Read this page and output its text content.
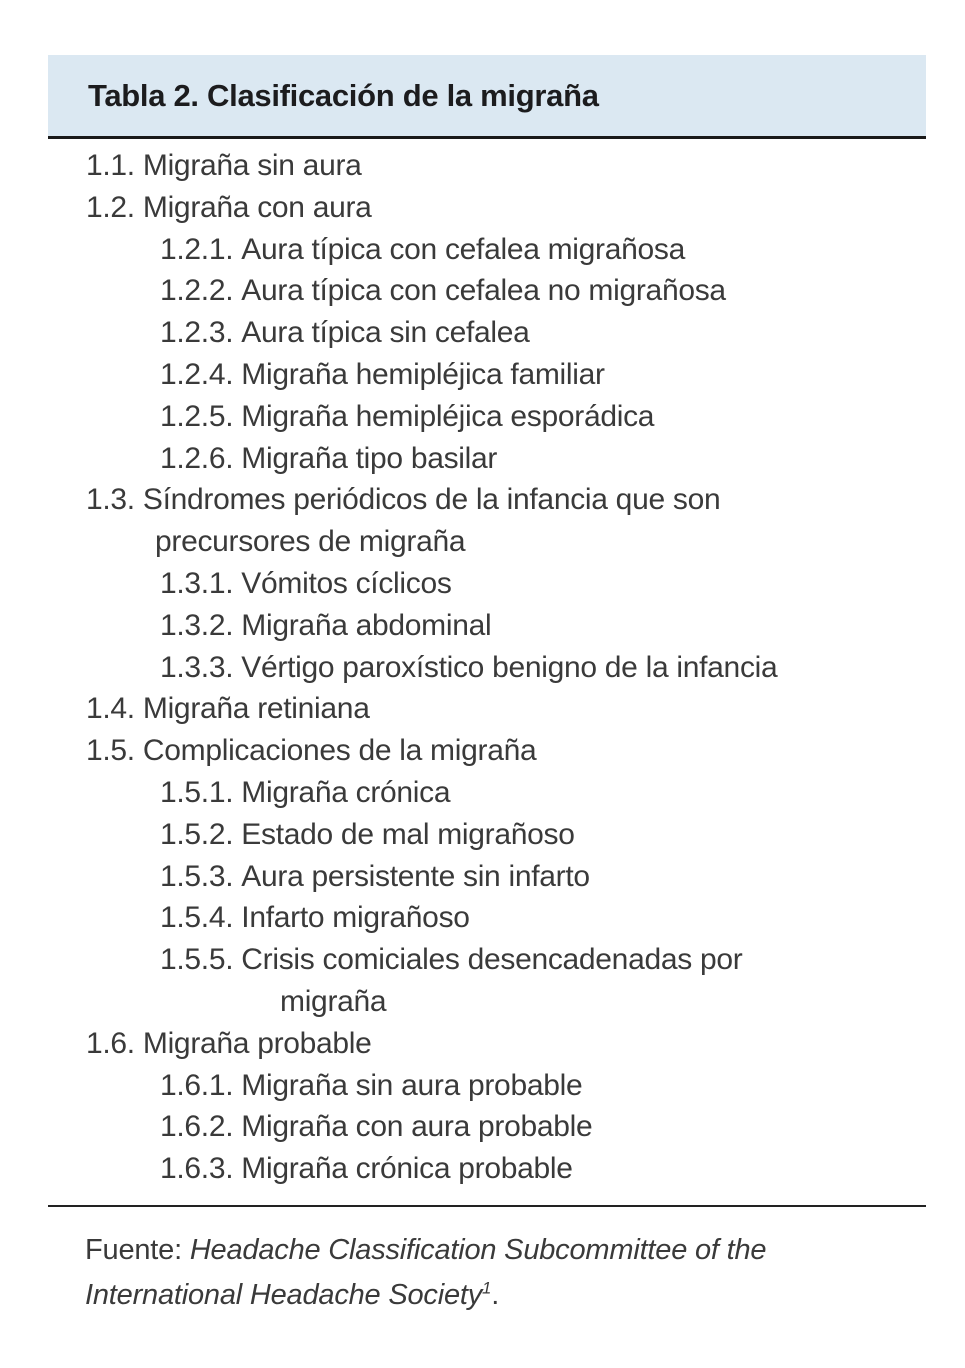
Tabla 2. Clasificación de la migraña
1.1. Migraña sin aura
1.2. Migraña con aura
1.2.1. Aura típica con cefalea migrañosa
1.2.2. Aura típica con cefalea no migrañosa
1.2.3. Aura típica sin cefalea
1.2.4. Migraña hemipléjica familiar
1.2.5. Migraña hemipléjica esporádica
1.2.6. Migraña tipo basilar
1.3. Síndromes periódicos de la infancia que son
precursores de migraña
1.3.1. Vómitos cíclicos
1.3.2. Migraña abdominal
1.3.3. Vértigo paroxístico benigno de la infancia
1.4. Migraña retiniana
1.5. Complicaciones de la migraña
1.5.1. Migraña crónica
1.5.2. Estado de mal migrañoso
1.5.3. Aura persistente sin infarto
1.5.4. Infarto migrañoso
1.5.5. Crisis comiciales desencadenadas por
migraña
1.6. Migraña probable
1.6.1. Migraña sin aura probable
1.6.2. Migraña con aura probable
1.6.3. Migraña crónica probable
Fuente: Headache Classification Subcommittee of the
International Headache Society$^1$.
